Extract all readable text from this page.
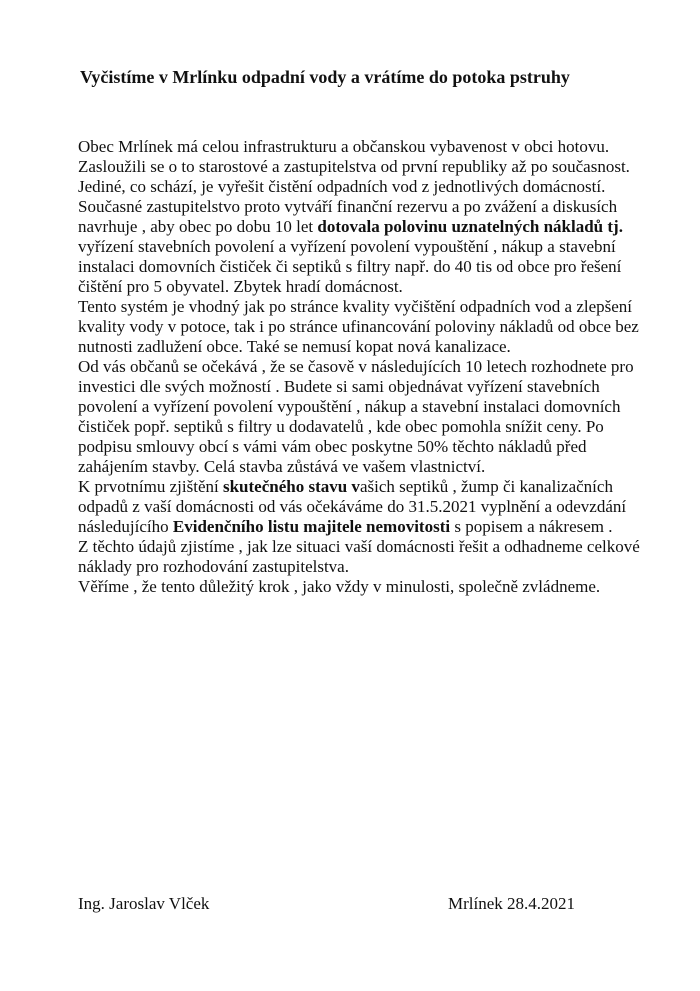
Vyčistíme v Mrlínku odpadní vody a vrátíme do potoka pstruhy

Obec Mrlínek má celou infrastrukturu a občanskou vybavenost v obci hotovu. Zasloužili se o to starostové a zastupitelstva od první republiky až po současnost. Jediné, co schází, je vyřešit čistění odpadních vod z jednotlivých domácností.

Současné zastupitelstvo proto vytváří finanční rezervu a po zvážení a diskusích navrhuje , aby obec po dobu 10 let dotovala polovinu uznatelných nákladů tj. vyřízení stavebních povolení a vyřízení povolení vypouštění , nákup a stavební instalaci domovních čističek či septiků s filtry např. do 40 tis od obce pro řešení čištění pro 5 obyvatel. Zbytek hradí domácnost.

Tento systém je vhodný jak po stránce kvality vyčištění odpadních vod a zlepšení kvality vody v potoce, tak i po stránce ufinancování poloviny nákladů od obce bez nutnosti zadlužení obce. Také se nemusí kopat nová kanalizace.

Od vás občanů se očekává , že se časově v následujících 10 letech rozhodnete pro investici dle svých možností . Budete si sami objednávat vyřízení stavebních povolení a vyřízení povolení vypouštění , nákup a stavební instalaci domovních čističek popř. septiků s filtry u dodavatelů , kde obec pomohla snížit ceny. Po podpisu smlouvy obcí s vámi vám obec poskytne 50% těchto nákladů před zahájením stavby. Celá stavba zůstává ve vašem vlastnictví.

K prvotnímu zjištění skutečného stavu vašich septiků , žump či kanalizačních odpadů z vaší domácnosti od vás očekáváme do 31.5.2021 vyplnění a odevzdání následujícího Evidenčního listu majitele nemovitosti s popisem a nákresem .

Z těchto údajů zjistíme , jak lze situaci vaší domácnosti řešit a odhadneme celkové náklady pro rozhodování zastupitelstva.

Věříme , že tento důležitý krok , jako vždy v minulosti, společně zvládneme.

Ing. Jaroslav Vlček	Mrlínek 28.4.2021
